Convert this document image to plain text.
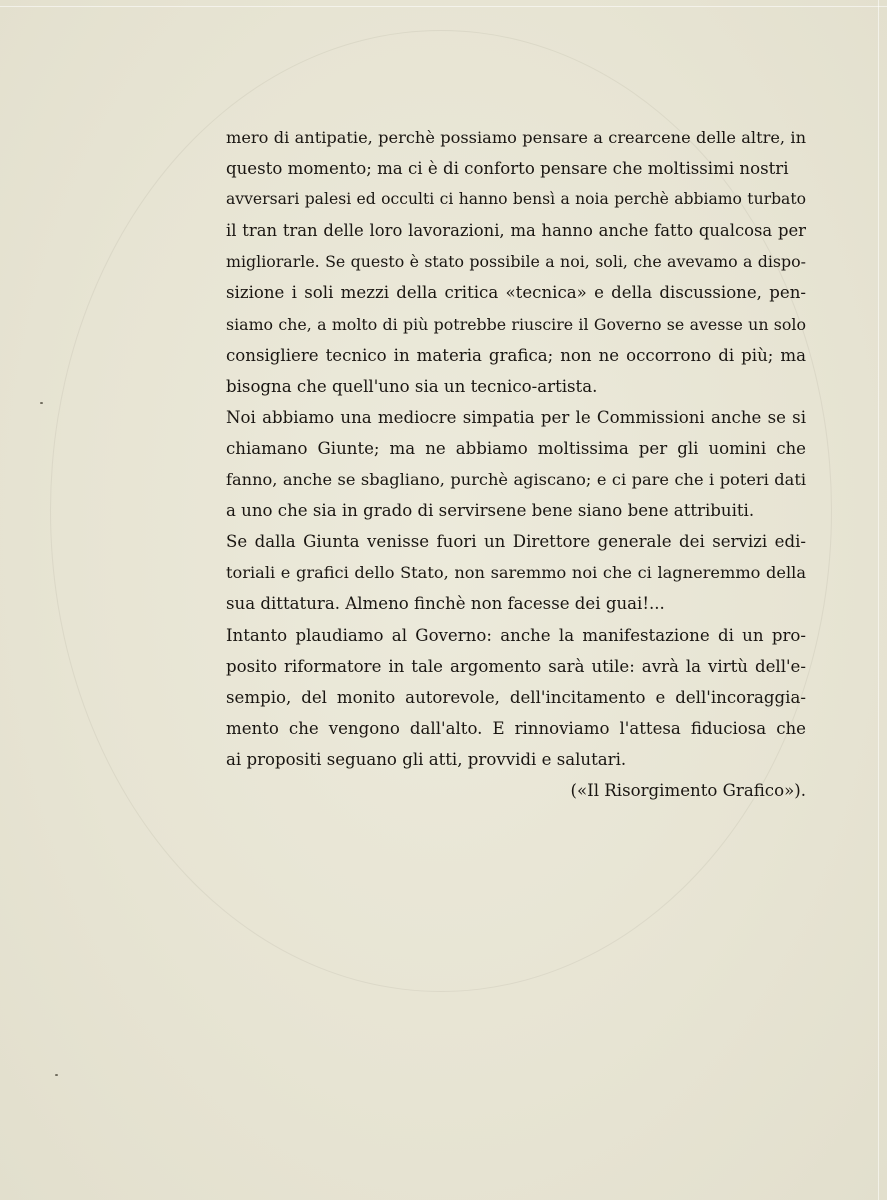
mero di antipatie, perchè possiamo pensare a crearcene delle altre, in
questo momento; ma ci è di conforto pensare che moltissimi nostri
avversari palesi ed occulti ci hanno bensì a noia perchè abbiamo turbato
il tran tran delle loro lavorazioni, ma hanno anche fatto qualcosa per
migliorarle. Se questo è stato possibile a noi, soli, che avevamo a dispo-
sizione i soli mezzi della critica «tecnica» e della discussione, pen-
siamo che, a molto di più potrebbe riuscire il Governo se avesse un solo
consigliere tecnico in materia grafica; non ne occorrono di più; ma
bisogna che quell'uno sia un tecnico-artista.
Noi abbiamo una mediocre simpatia per le Commissioni anche se si
chiamano Giunte; ma ne abbiamo moltissima per gli uomini che
fanno, anche se sbagliano, purchè agiscano; e ci pare che i poteri dati
a uno che sia in grado di servirsene bene siano bene attribuiti.
Se dalla Giunta venisse fuori un Direttore generale dei servizi edi-
toriali e grafici dello Stato, non saremmo noi che ci lagneremmo della
sua dittatura. Almeno finchè non facesse dei guai!...
Intanto plaudiamo al Governo: anche la manifestazione di un pro-
posito riformatore in tale argomento sarà utile: avrà la virtù dell'e-
sempio, del monito autorevole, dell'incitamento e dell'incoraggia-
mento che vengono dall'alto. E rinnoviamo l'attesa fiduciosa che
ai propositi seguano gli atti, provvidi e salutari.
(«Il Risorgimento Grafico»).
